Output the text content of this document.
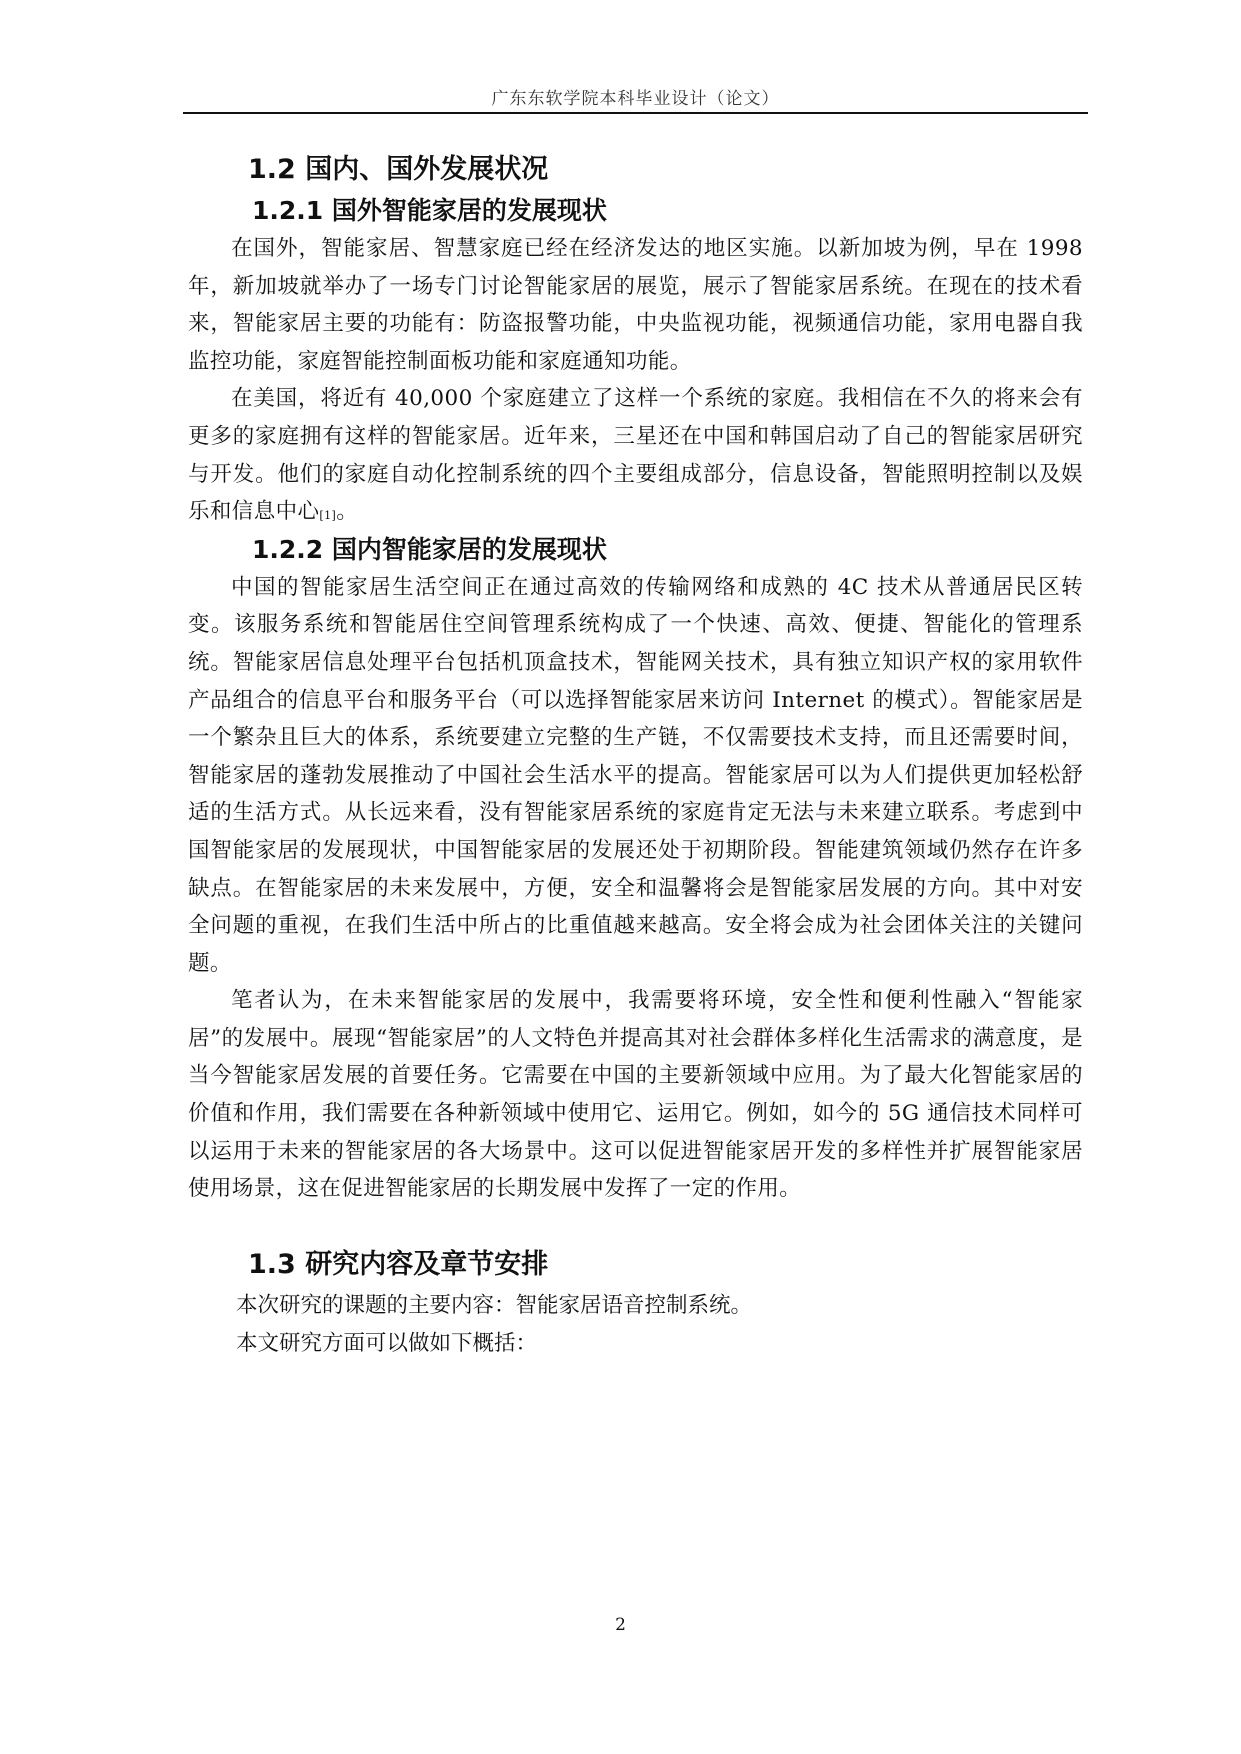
广东东软学院本科毕业设计（论文）
1.2 国内、国外发展状况
1.2.1 国外智能家居的发展现状

在国外，智能家居、智慧家庭已经在经济发达的地区实施。以新加坡为例，早在 1998 年，新加坡就举办了一场专门讨论智能家居的展览，展示了智能家居系统。在现在的技术看来，智能家居主要的功能有：防盗报警功能，中央监视功能，视频通信功能，家用电器自我监控功能，家庭智能控制面板功能和家庭通知功能。

在美国，将近有 40,000 个家庭建立了这样一个系统的家庭。我相信在不久的将来会有更多的家庭拥有这样的智能家居。近年来，三星还在中国和韩国启动了自己的智能家居研究与开发。他们的家庭自动化控制系统的四个主要组成部分，信息设备，智能照明控制以及娱乐和信息中心[1]。

1.2.2 国内智能家居的发展现状

中国的智能家居生活空间正在通过高效的传输网络和成熟的 4C 技术从普通居民区转变。该服务系统和智能居住空间管理系统构成了一个快速、高效、便捷、智能化的管理系统。智能家居信息处理平台包括机顶盒技术，智能网关技术，具有独立知识产权的家用软件产品组合的信息平台和服务平台（可以选择智能家居来访问 Internet 的模式）。智能家居是一个繁杂且巨大的体系，系统要建立完整的生产链，不仅需要技术支持，而且还需要时间，智能家居的蓬勃发展推动了中国社会生活水平的提高。智能家居可以为人们提供更加轻松舒适的生活方式。从长远来看，没有智能家居系统的家庭肯定无法与未来建立联系。考虑到中国智能家居的发展现状，中国智能家居的发展还处于初期阶段。智能建筑领域仍然存在许多缺点。在智能家居的未来发展中，方便，安全和温馨将会是智能家居发展的方向。其中对安全问题的重视，在我们生活中所占的比重值越来越高。安全将会成为社会团体关注的关键问题。

笔者认为，在未来智能家居的发展中，我需要将环境，安全性和便利性融入“智能家居”的发展中。展现“智能家居”的人文特色并提高其对社会群体多样化生活需求的满意度，是当今智能家居发展的首要任务。它需要在中国的主要新领域中应用。为了最大化智能家居的价值和作用，我们需要在各种新领域中使用它、运用它。例如，如今的 5G 通信技术同样可以运用于未来的智能家居的各大场景中。这可以促进智能家居开发的多样性并扩展智能家居使用场景，这在促进智能家居的长期发展中发挥了一定的作用。

1.3 研究内容及章节安排

本次研究的课题的主要内容：智能家居语音控制系统。

本文研究方面可以做如下概括：

2
